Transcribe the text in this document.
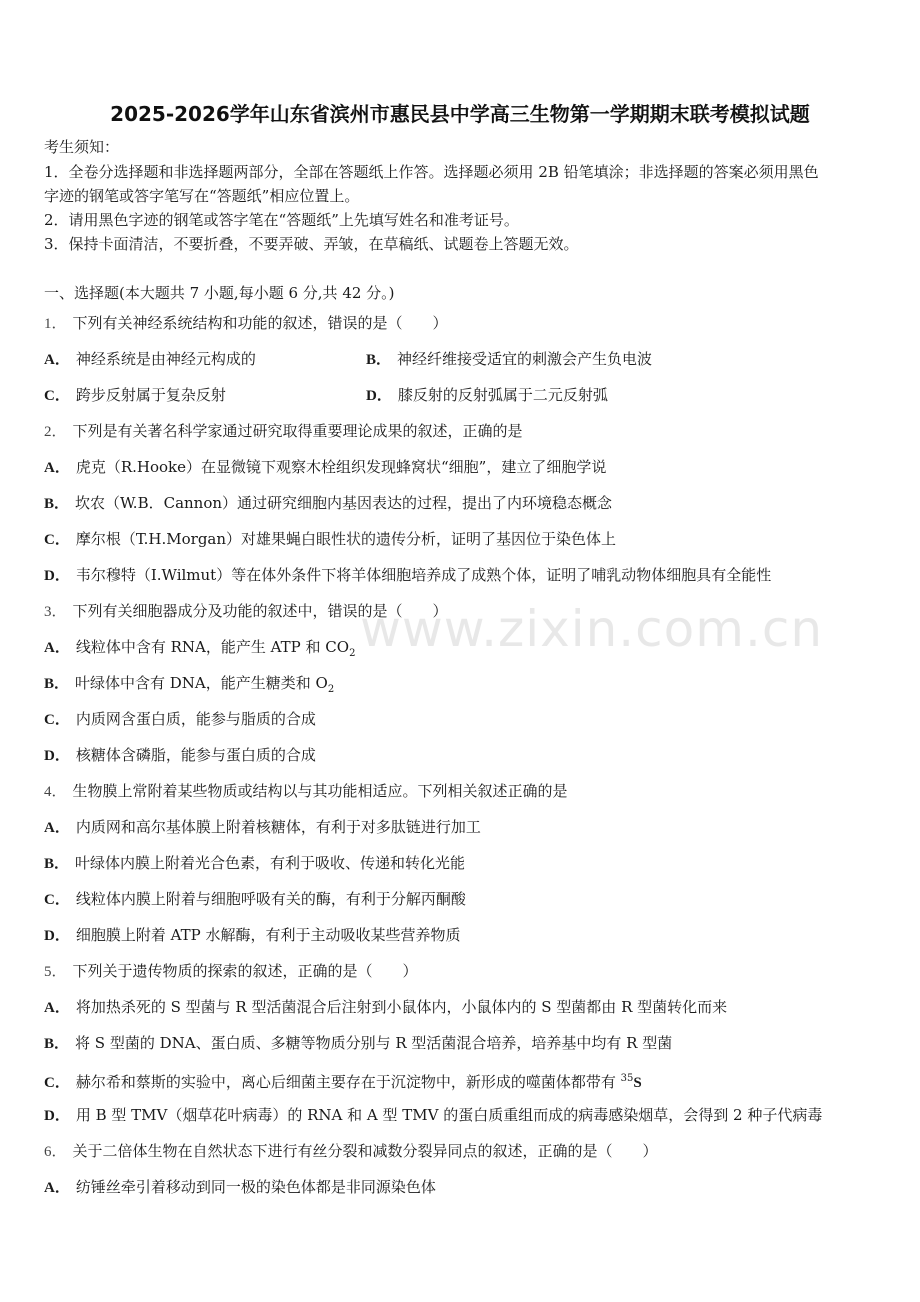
www.zixin.com.cn
2025-2026学年山东省滨州市惠民县中学高三生物第一学期期末联考模拟试题
考生须知：
1．全卷分选择题和非选择题两部分，全部在答题纸上作答。选择题必须用 2B 铅笔填涂；非选择题的答案必须用黑色
字迹的钢笔或答字笔写在“答题纸”相应位置上。
2．请用黑色字迹的钢笔或答字笔在“答题纸”上先填写姓名和准考证号。
3．保持卡面清洁，不要折叠，不要弄破、弄皱，在草稿纸、试题卷上答题无效。
一、选择题(本大题共 7 小题,每小题 6 分,共 42 分。)
1． 下列有关神经系统结构和功能的叙述，错误的是（　　）
A． 神经系统是由神经元构成的	B． 神经纤维接受适宜的刺激会产生负电波
C． 跨步反射属于复杂反射	D． 膝反射的反射弧属于二元反射弧
2． 下列是有关著名科学家通过研究取得重要理论成果的叙述，正确的是
A． 虎克（R.Hooke）在显微镜下观察木栓组织发现蜂窝状“细胞”，建立了细胞学说
B． 坎农（W.B．Cannon）通过研究细胞内基因表达的过程，提出了内环境稳态概念
C． 摩尔根（T.H.Morgan）对雄果蝇白眼性状的遗传分析，证明了基因位于染色体上
D． 韦尔穆特（I.Wilmut）等在体外条件下将羊体细胞培养成了成熟个体，证明了哺乳动物体细胞具有全能性
3． 下列有关细胞器成分及功能的叙述中，错误的是（　　）
A． 线粒体中含有 RNA，能产生 ATP 和 $CO_2$
B． 叶绿体中含有 DNA，能产生糖类和 $O_2$
C． 内质网含蛋白质，能参与脂质的合成
D． 核糖体含磷脂，能参与蛋白质的合成
4． 生物膜上常附着某些物质或结构以与其功能相适应。下列相关叙述正确的是
A． 内质网和高尔基体膜上附着核糖体，有利于对多肽链进行加工
B． 叶绿体内膜上附着光合色素，有利于吸收、传递和转化光能
C． 线粒体内膜上附着与细胞呼吸有关的酶，有利于分解丙酮酸
D． 细胞膜上附着 ATP 水解酶，有利于主动吸收某些营养物质
5． 下列关于遗传物质的探索的叙述，正确的是（　　）
A． 将加热杀死的 S 型菌与 R 型活菌混合后注射到小鼠体内，小鼠体内的 S 型菌都由 R 型菌转化而来
B． 将 S 型菌的 DNA、蛋白质、多糖等物质分别与 R 型活菌混合培养，培养基中均有 R 型菌
C． 赫尔希和蔡斯的实验中，离心后细菌主要存在于沉淀物中，新形成的噬菌体都带有 $^{35}$S
D． 用 B 型 TMV（烟草花叶病毒）的 RNA 和 A 型 TMV 的蛋白质重组而成的病毒感染烟草，会得到 2 种子代病毒
6． 关于二倍体生物在自然状态下进行有丝分裂和减数分裂异同点的叙述，正确的是（　　）
A． 纺锤丝牵引着移动到同一极的染色体都是非同源染色体
